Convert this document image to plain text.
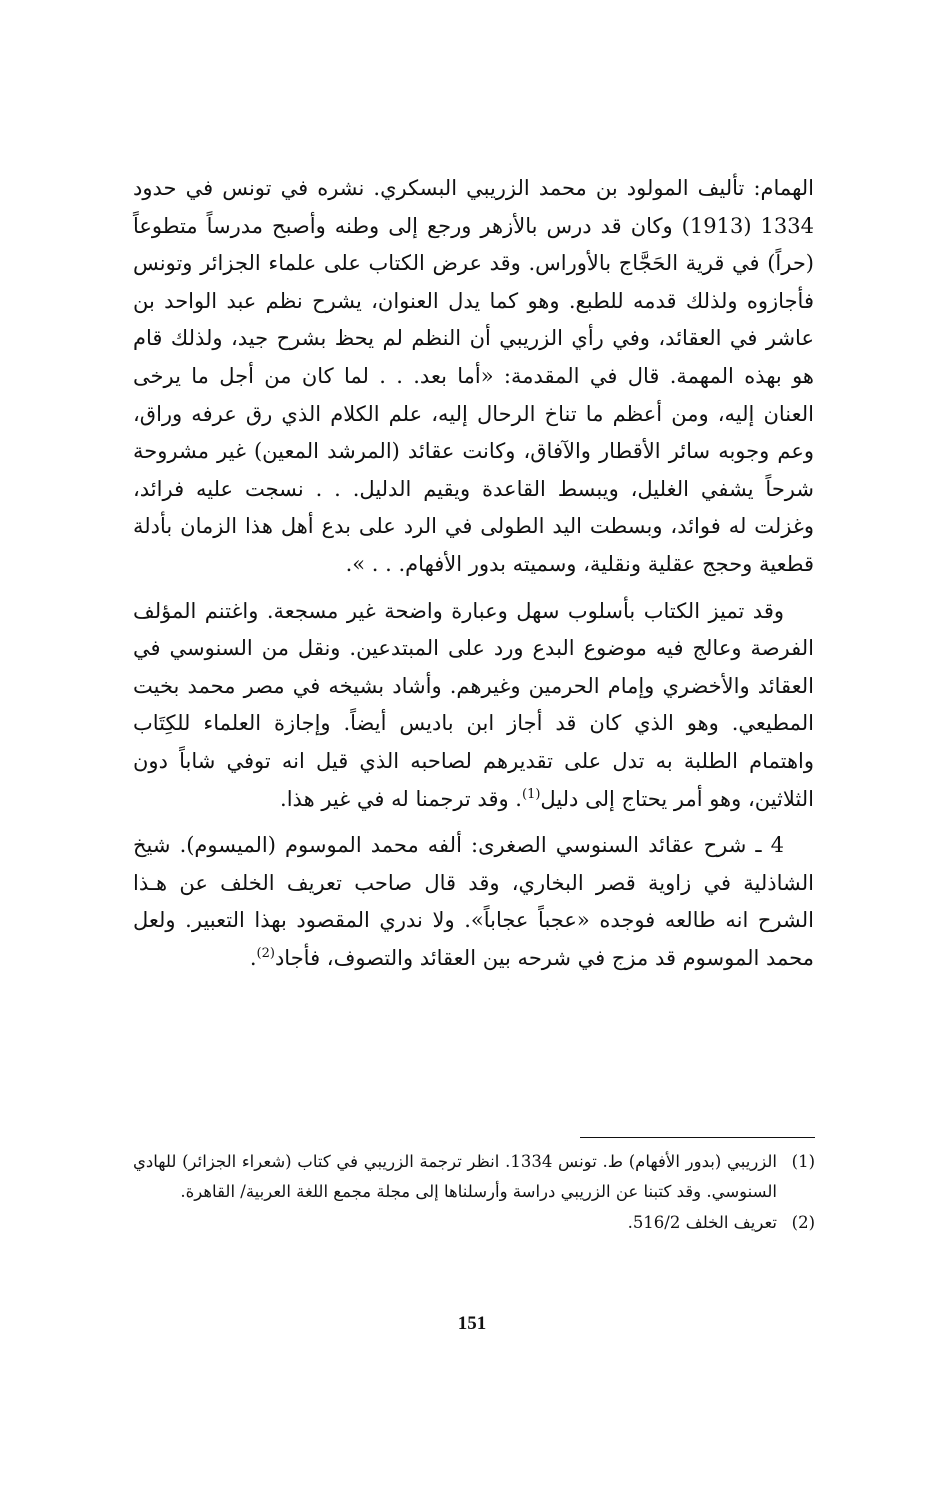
الهمام: تأليف المولود بن محمد الزريبي البسكري. نشره في تونس في حدود 1334 (1913) وكان قد درس بالأزهر ورجع إلى وطنه وأصبح مدرساً متطوعاً (حراً) في قرية الحَجَّاج بالأوراس. وقد عرض الكتاب على علماء الجزائر وتونس فأجازوه ولذلك قدمه للطبع. وهو كما يدل العنوان، يشرح نظم عبد الواحد بن عاشر في العقائد، وفي رأي الزريبي أن النظم لم يحظ بشرح جيد، ولذلك قام هو بهذه المهمة. قال في المقدمة: «أما بعد. . . لما كان من أجل ما يرخى العنان إليه، ومن أعظم ما تناخ الرحال إليه، علم الكلام الذي رق عرفه وراق، وعم وجوبه سائر الأقطار والآفاق، وكانت عقائد (المرشد المعين) غير مشروحة شرحاً يشفي الغليل، ويبسط القاعدة ويقيم الدليل. . . نسجت عليه فرائد، وغزلت له فوائد، وبسطت اليد الطولى في الرد على بدع أهل هذا الزمان بأدلة قطعية وحجج عقلية ونقلية، وسميته بدور الأفهام. . . ».

وقد تميز الكتاب بأسلوب سهل وعبارة واضحة غير مسجعة. واغتنم المؤلف الفرصة وعالج فيه موضوع البدع ورد على المبتدعين. ونقل من السنوسي في العقائد والأخضري وإمام الحرمين وغيرهم. وأشاد بشيخه في مصر محمد بخيت المطيعي. وهو الذي كان قد أجاز ابن باديس أيضاً. وإجازة العلماء للكِتَاب واهتمام الطلبة به تدل على تقديرهم لصاحبه الذي قيل انه توفي شاباً دون الثلاثين، وهو أمر يحتاج إلى دليل$^{(1)}$. وقد ترجمنا له في غير هذا.

4 ـ شرح عقائد السنوسي الصغرى: ألفه محمد الموسوم (الميسوم). شيخ الشاذلية في زاوية قصر البخاري، وقد قال صاحب تعريف الخلف عن هـذا الشرح انه طالعه فوجده «عجباً عجاباً». ولا ندري المقصود بهذا التعبير. ولعل محمد الموسوم قد مزج في شرحه بين العقائد والتصوف، فأجاد$^{(2)}$.

(1)
الزريبي (بدور الأفهام) ط. تونس 1334. انظر ترجمة الزريبي في كتاب (شعراء الجزائر) للهادي السنوسي. وقد كتبنا عن الزريبي دراسة وأرسلناها إلى مجلة مجمع اللغة العربية/ القاهرة.

(2)
تعريف الخلف 516/2.

151
